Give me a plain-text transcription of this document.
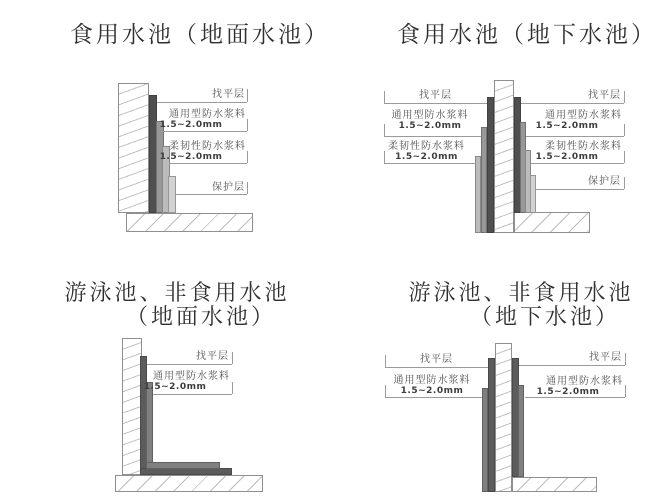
食用水池（地面水池）
找平层
通用型防水浆料
1.5~2.0mm
柔韧性防水浆料
1.5~2.0mm
保护层
食用水池（地下水池）
找平层
通用型防水浆料
1.5~2.0mm
柔韧性防水浆料
1.5~2.0mm
找平层
通用型防水浆料
1.5~2.0mm
柔韧性防水浆料
1.5~2.0mm
保护层
游泳池、非食用水池
（地面水池）
找平层
通用型防水浆料
1.5~2.0mm
游泳池、非食用水池
（地下水池）
找平层
通用型防水浆料
1.5~2.0mm
找平层
通用型防水浆料
1.5~2.0mm
